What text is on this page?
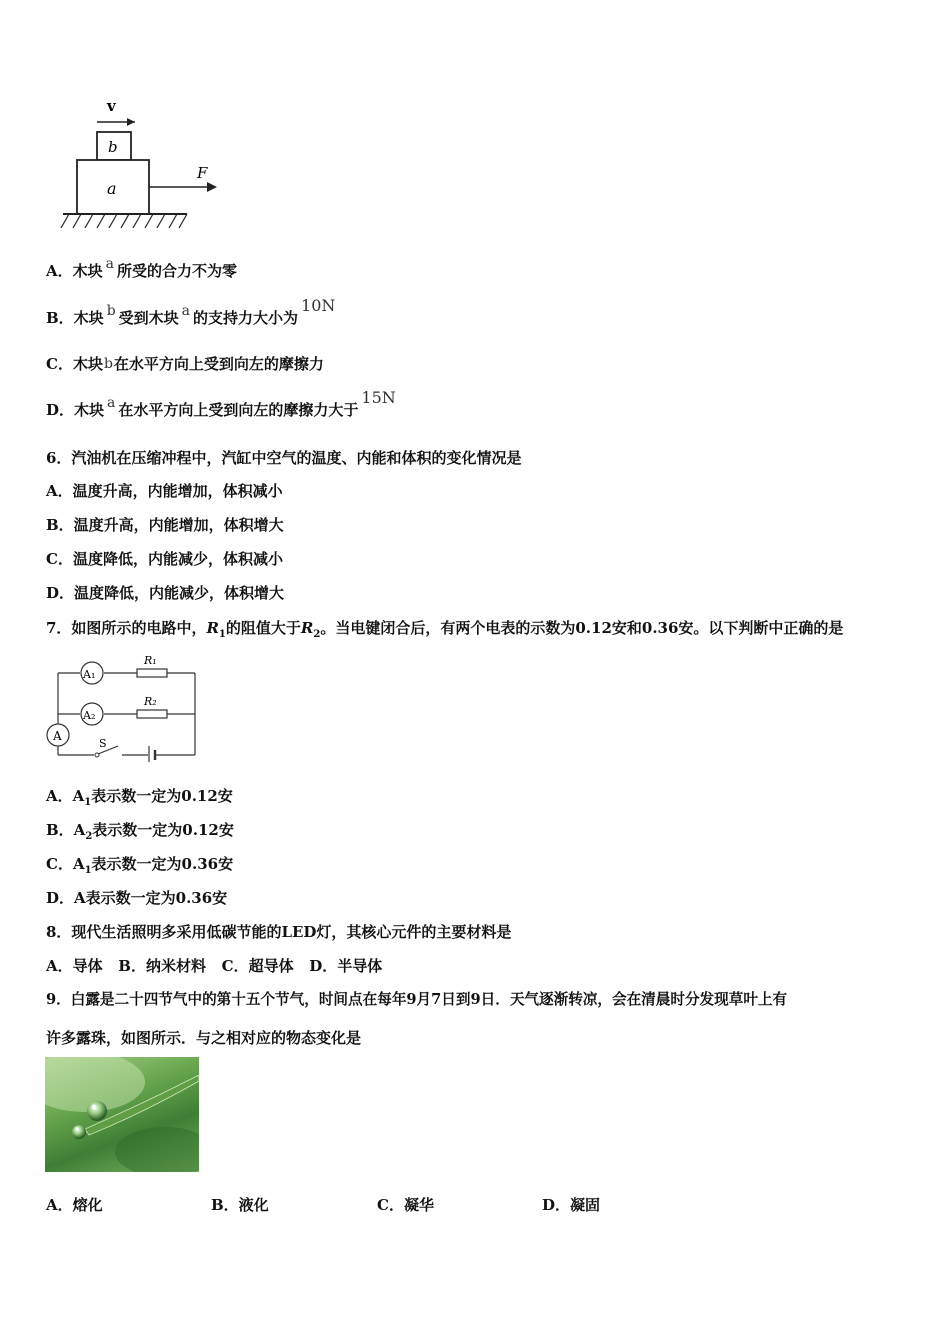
v
b
a
F
A．木块 a 所受的合力不为零
B．木块 b 受到木块 a 的支持力大小为10N
C．木块b在水平方向上受到向左的摩擦力
D．木块 a 在水平方向上受到向左的摩擦力大于15N
6．汽油机在压缩冲程中，汽缸中空气的温度、内能和体积的变化情况是
A．温度升高，内能增加，体积减小
B．温度升高，内能增加，体积增大
C．温度降低，内能减少，体积减小
D．温度降低，内能减少，体积增大
7．如图所示的电路中，$R_1$的阻值大于$R_2$。当电键闭合后，有两个电表的示数为0.12安和0.36安。以下判断中正确的是
A₁
A₂
A
R₁
R₂
S
A．$A_1$表示数一定为0.12安
B．$A_2$表示数一定为0.12安
C．$A_1$表示数一定为0.36安
D．A表示数一定为0.36安
8．现代生活照明多采用低碳节能的LED灯，其核心元件的主要材料是
A．导体   B．纳米材料   C．超导体   D．半导体
9．白露是二十四节气中的第十五个节气，时间点在每年9月7日到9日．天气逐渐转凉，会在清晨时分发现草叶上有
许多露珠，如图所示．与之相对应的物态变化是
A．熔化	B．液化	C．凝华	D．凝固
